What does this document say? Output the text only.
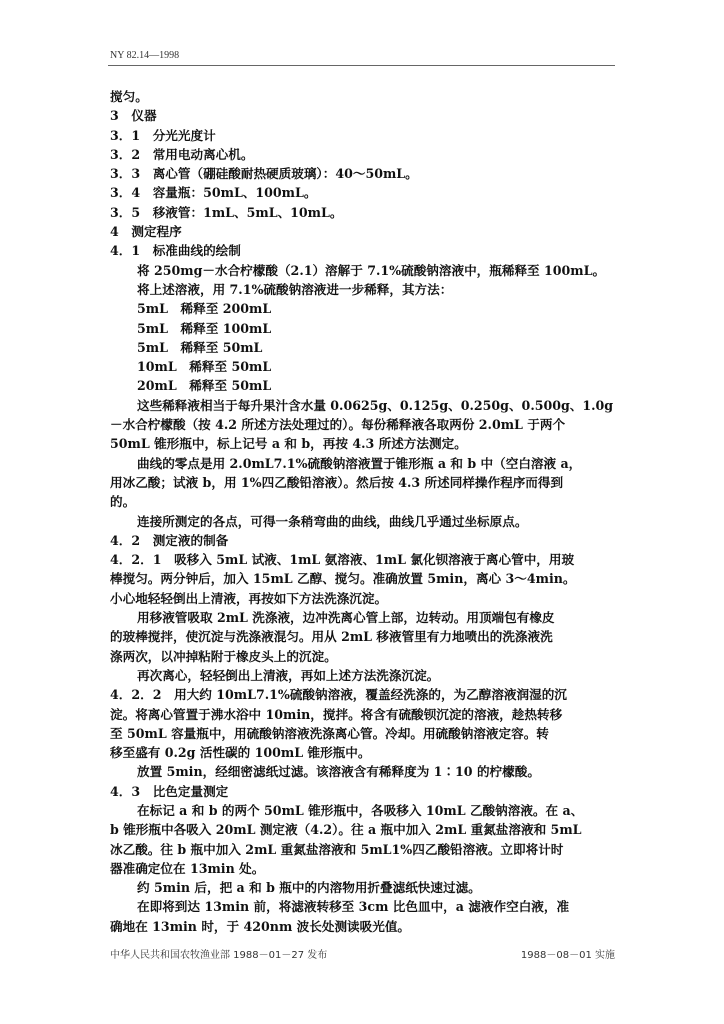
NY 82.14—1998
搅匀。
3　仪器
3．1　分光光度计
3．2　常用电动离心机。
3．3　离心管（硼硅酸耐热硬质玻璃）：40～50mL。
3．4　容量瓶：50mL、100mL。
3．5　移液管：1mL、5mL、10mL。
4　测定程序
4．1　标准曲线的绘制
将 250mg－水合柠檬酸（2.1）溶解于 7.1%硫酸钠溶液中，瓶稀释至 100mL。
将上述溶液，用 7.1%硫酸钠溶液进一步稀释，其方法：
5mL　稀释至 200mL
5mL　稀释至 100mL
5mL　稀释至 50mL
10mL　稀释至 50mL
20mL　稀释至 50mL
这些稀释液相当于每升果汁含水量 0.0625g、0.125g、0.250g、0.500g、1.0g
－水合柠檬酸（按 4.2 所述方法处理过的）。每份稀释液各取两份 2.0mL 于两个
50mL 锥形瓶中，标上记号 a 和 b，再按 4.3 所述方法测定。
曲线的零点是用 2.0mL7.1%硫酸钠溶液置于锥形瓶 a 和 b 中（空白溶液 a，
用冰乙酸；试液 b，用 1%四乙酸铅溶液）。然后按 4.3 所述同样操作程序而得到
的。
连接所测定的各点，可得一条稍弯曲的曲线，曲线几乎通过坐标原点。
4．2　测定液的制备
4．2．1　吸移入 5mL 试液、1mL 氨溶液、1mL 氯化钡溶液于离心管中，用玻
棒搅匀。两分钟后，加入 15mL 乙醇、搅匀。准确放置 5min，离心 3～4min。
小心地轻轻倒出上清液，再按如下方法洗涤沉淀。
用移液管吸取 2mL 洗涤液，边冲洗离心管上部，边转动。用顶端包有橡皮
的玻棒搅拌，使沉淀与洗涤液混匀。用从 2mL 移液管里有力地喷出的洗涤液洗
涤两次，以冲掉粘附于橡皮头上的沉淀。
再次离心，轻轻倒出上清液，再如上述方法洗涤沉淀。
4．2．2　用大约 10mL7.1%硫酸钠溶液，覆盖经洗涤的，为乙醇溶液润湿的沉
淀。将离心管置于沸水浴中 10min，搅拌。将含有硫酸钡沉淀的溶液，趁热转移
至 50mL 容量瓶中，用硫酸钠溶液洗涤离心管。冷却。用硫酸钠溶液定容。转
移至盛有 0.2g 活性碳的 100mL 锥形瓶中。
放置 5min，经细密滤纸过滤。该溶液含有稀释度为 1∶10 的柠檬酸。
4．3　比色定量测定
在标记 a 和 b 的两个 50mL 锥形瓶中，各吸移入 10mL 乙酸钠溶液。在 a、
b 锥形瓶中各吸入 20mL 测定液（4.2）。往 a 瓶中加入 2mL 重氮盐溶液和 5mL
冰乙酸。往 b 瓶中加入 2mL 重氮盐溶液和 5mL1%四乙酸铅溶液。立即将计时
器准确定位在 13min 处。
约 5min 后，把 a 和 b 瓶中的内溶物用折叠滤纸快速过滤。
在即将到达 13min 前，将滤液转移至 3cm 比色皿中，a 滤液作空白液，准
确地在 13min 时，于 420nm 波长处测读吸光值。
中华人民共和国农牧渔业部 1988－01－27 发布	1988－08－01 实施
